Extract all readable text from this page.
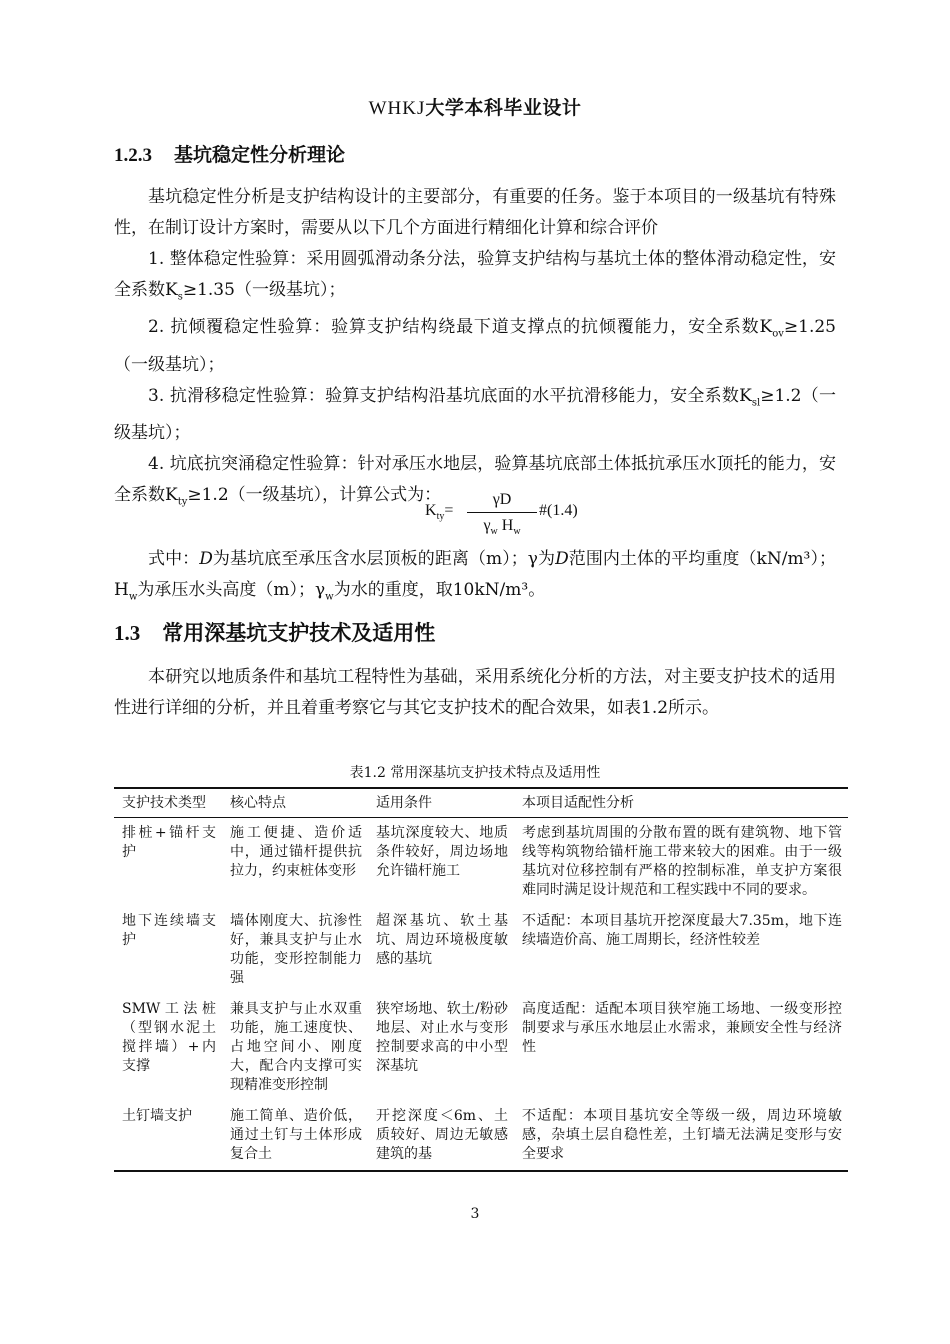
WHKJ大学本科毕业设计
1.2.3 基坑稳定性分析理论

基坑稳定性分析是支护结构设计的主要部分，有重要的任务。鉴于本项目的一级基坑有特殊性，在制订设计方案时，需要从以下几个方面进行精细化计算和综合评价

1. 整体稳定性验算：采用圆弧滑动条分法，验算支护结构与基坑土体的整体滑动稳定性，安全系数$K_s\ge 1.35$（一级基坑）；

2. 抗倾覆稳定性验算：验算支护结构绕最下道支撑点的抗倾覆能力，安全系数$K_{ov}\ge 1.25$（一级基坑）；

3. 抗滑移稳定性验算：验算支护结构沿基坑底面的水平抗滑移能力，安全系数$K_{sl}\ge 1.2$（一级基坑）；

4. 坑底抗突涌稳定性验算：针对承压水地层，验算基坑底部土体抵抗承压水顶托的能力，安全系数$K_{ty}\ge 1.2$（一级基坑），计算公式为：

$K_{ty}= \frac{\gamma D}{\gamma_w H_w}$ #(1.4)

式中：D为基坑底至承压含水层顶板的距离（m）；γ为D范围内土体的平均重度（kN/m³）；$H_w$为承压水头高度（m）；$\gamma_w$为水的重度，取10kN/m³。

1.3 常用深基坑支护技术及适用性

本研究以地质条件和基坑工程特性为基础，采用系统化分析的方法，对主要支护技术的适用性进行详细的分析，并且着重考察它与其它支护技术的配合效果，如表1.2所示。

表1.2 常用深基坑支护技术特点及适用性
支护技术类型	核心特点	适用条件	本项目适配性分析
排桩+锚杆支护	施工便捷、造价适中，通过锚杆提供抗拉力，约束桩体变形	基坑深度较大、地质条件较好，周边场地允许锚杆施工	考虑到基坑周围的分散布置的既有建筑物、地下管线等构筑物给锚杆施工带来较大的困难。由于一级基坑对位移控制有严格的控制标准，单支护方案很难同时满足设计规范和工程实践中不同的要求。
地下连续墙支护	墙体刚度大、抗渗性好，兼具支护与止水功能，变形控制能力强	超深基坑、软土基坑、周边环境极度敏感的基坑	不适配：本项目基坑开挖深度最大7.35m，地下连续墙造价高、施工周期长，经济性较差
SMW工法桩（型钢水泥土搅拌墙）+内支撑	兼具支护与止水双重功能，施工速度快、占地空间小、刚度大，配合内支撑可实现精准变形控制	狭窄场地、软土/粉砂地层、对止水与变形控制要求高的中小型深基坑	高度适配：适配本项目狭窄施工场地、一级变形控制要求与承压水地层止水需求，兼顾安全性与经济性
土钉墙支护	施工简单、造价低，通过土钉与土体形成复合土	开挖深度＜6m、土质较好、周边无敏感建筑的基	不适配：本项目基坑安全等级一级，周边环境敏感，杂填土层自稳性差，土钉墙无法满足变形与安全要求
3
